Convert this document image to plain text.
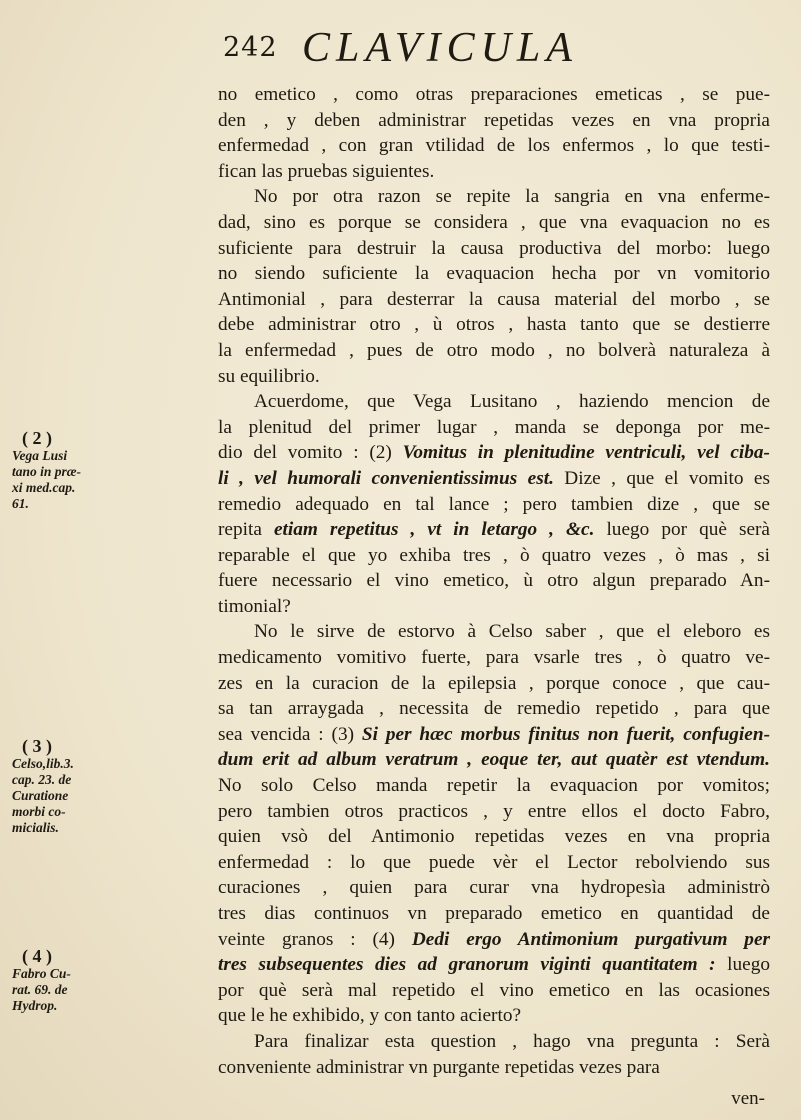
242 CLAVICULA
no emetico , como otras preparaciones emeticas , se pue-
den , y deben administrar repetidas vezes en vna propria
enfermedad , con gran vtilidad de los enfermos , lo que testi-
fican las pruebas siguientes.
No por otra razon se repite la sangria en vna enferme-
dad, sino es porque se considera , que vna evaquacion no es
suficiente para destruir la causa productiva del morbo: luego
no siendo suficiente la evaquacion hecha por vn vomitorio
Antimonial , para desterrar la causa material del morbo , se
debe administrar otro , ù otros , hasta tanto que se destierre
la enfermedad , pues de otro modo , no bolverà naturaleza à
su equilibrio.
Acuerdome, que Vega Lusitano , haziendo mencion de
la plenitud del primer lugar , manda se deponga por me-
dio del vomito : (2) Vomitus in plenitudine ventriculi, vel ciba-
li , vel humorali convenientissimus est. Dize , que el vomito es
remedio adequado en tal lance ; pero tambien dize , que se
repita etiam repetitus , vt in letargo , &c. luego por què serà
reparable el que yo exhiba tres , ò quatro vezes , ò mas , si
fuere necessario el vino emetico, ù otro algun preparado An-
timonial?
No le sirve de estorvo à Celso saber , que el eleboro es
medicamento vomitivo fuerte, para vsarle tres , ò quatro ve-
zes en la curacion de la epilepsia , porque conoce , que cau-
sa tan arraygada , necessita de remedio repetido , para que
sea vencida : (3) Si per hæc morbus finitus non fuerit, confugien-
dum erit ad album veratrum , eoque ter, aut quatèr est vtendum.
No solo Celso manda repetir la evaquacion por vomitos;
pero tambien otros practicos , y entre ellos el docto Fabro,
quien vsò del Antimonio repetidas vezes en vna propria
enfermedad : lo que puede vèr el Lector rebolviendo sus
curaciones , quien para curar vna hydropesìa administrò
tres dias continuos vn preparado emetico en quantidad de
veinte granos : (4) Dedi ergo Antimonium purgativum per
tres subsequentes dies ad granorum viginti quantitatem : luego
por què serà mal repetido el vino emetico en las ocasiones
que le he exhibido, y con tanto acierto?
Para finalizar esta question , hago vna pregunta : Serà
conveniente administrar vn purgante repetidas vezes para
( 2 )
Vega Lusi
tano in præ-
xi med.cap.
61.
( 3 )
Celso,lib.3.
cap. 23. de
Curatione
morbi co-
micialis.
( 4 )
Fabro Cu-
rat. 69. de
Hydrop.
ven-
